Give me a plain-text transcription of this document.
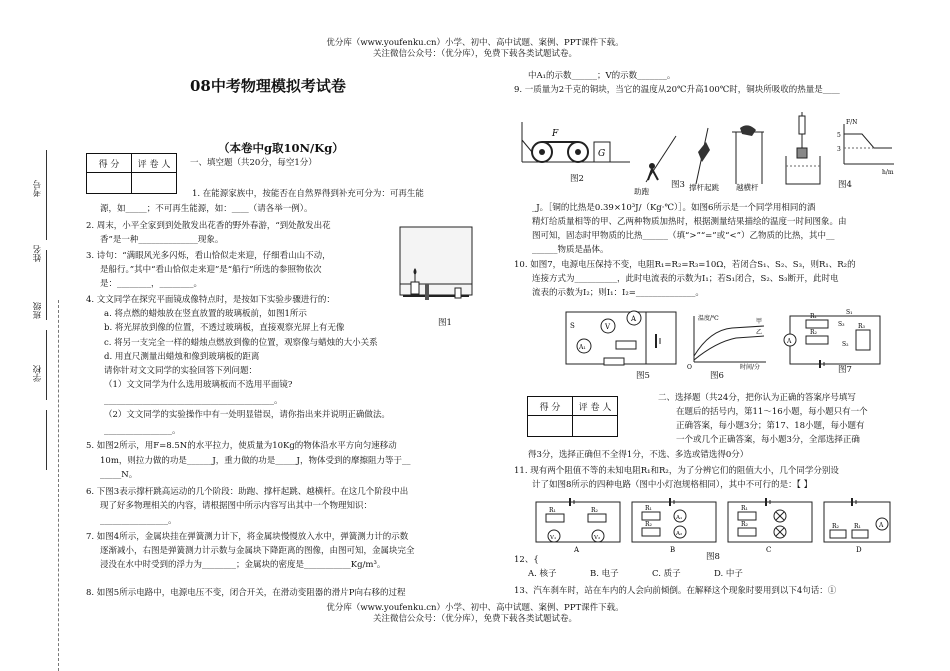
优分库（www.youfenku.cn）小学、初中、高中试题、案例、PPT课件下载。
关注微信公众号：（优分库），免费下载各类试题试卷。
考号
姓名
班级
学校
08中考物理模拟考试卷
（本卷中g取10N/Kg）
得 分	评 卷 人
	一、填空题（共20分，每空1分）
1. 在能源家族中，按能否在自然界得到补充可分为：可再生能
源，如_____；不可再生能源，如：____（请各举一例）。
2. 周末，小平全家到到处散发出花香的野外春游，“到处散发出花
香”是一种______________现象。
3. 诗句：“满眼风光多闪烁，看山恰似走来迎，仔细看山山不动，
是船行。”其中“看山恰似走来迎”是“船行”所选的参照物依次
是：________，________。
4. 文文同学在探究平面镜成像特点时，是按如下实验步骤进行的：
a. 将点燃的蜡烛放在竖直放置的玻璃板前，如图1所示
b. 将光屏放到像的位置，不透过玻璃板，直接观察光屏上有无像
c. 将另一支完全一样的蜡烛点燃放到像的位置，观察像与蜡烛的大小关系
d. 用直尺测量出蜡烛和像到玻璃板的距离
请你针对文文同学的实验回答下列问题：
（1）文文同学为什么选用玻璃板而不选用平面镜?
________________________________________。
（2）文文同学的实验操作中有一处明显错误，请你指出来并说明正确做法。
________________。
5. 如图2所示，用F=8.5N的水平拉力，使质量为10Kg的物体沿水平方向匀速移动
10m，则拉力做的功是______J，重力做的功是_____J，物体受到的摩擦阻力等于__
_____N。
6. 下图3表示撑杆跳高运动的几个阶段：助跑、撑杆起跳、越横杆。在这几个阶段中出
现了好多物理相关的内容，请根据图中所示内容写出其中一个物理知识：
________________。
7. 如图4所示，金属块挂在弹簧测力计下，将金属块慢慢放入水中，弹簧测力计的示数
逐渐减小，右图是弹簧测力计示数与金属块下降距离的图像，由图可知，金属块完全
浸没在水中时受到的浮力为________；金属块的密度是___________Kg/m³。
8. 如图5所示电路中，电源电压不变，闭合开关，在滑动变阻器的滑片P向右移的过程
图1
中A₁的示数______；V的示数_______。
9. 一质量为2千克的铜块，当它的温度从20℃升高100℃时，铜块所吸收的热量是____
G
F
图2
图3
助跑	撑杆起跳 越横杆
F/N
h/m
5
3
图4
_J。［铜的比热是0.39×10³J/（Kg·℃）］。如图6所示是一个同学用相同的酒
精灯给质量相等的甲、乙两种物质加热时，根据测量结果描绘的温度一时间图象。由
图可知，固态时甲物质的比热______（填“>”“=”或“<”）乙物质的比热，其中__
______物质是晶体。
10. 如图7，电源电压保持不变，电阻R₁=R₂=R₃=10Ω，若闭合S₁、S₂、S₃，则R₁、R₂的
连接方式为__________，此时电流表的示数为I₁；若S₁闭合，S₂、S₃断开，此时电
流表的示数为I₂；则I₁：I₂=______________。
V
A
A₁
S
图5
温度/℃
时间/分
甲
乙
O
图6
R₁
R₂
R₃
A
S₃
S₂
S₁
图7
得 分	评 卷 人

二、选择题（共24分，把你认为正确的答案序号填写
在题后的括号内，第11～16小题，每小题只有一个
正确答案，每小题3分；第17、18小题，每小题有
一个或几个正确答案，每小题3分，全部选择正确
得3分，选择正确但不全得1分，不选、多选或错选得0分）
11. 现有两个阻值不等的未知电阻R₁和R₂，为了分辨它们的阻值大小，几个同学分别设
计了如图8所示的四种电路（图中小灯泡规格相同），其中不可行的是：【 】
R₁	R₂
V₁	V₂
R₁
A₁
R₂
A₂
R₁
R₂	R₂	R₁	A
A	B	C	D
图8
12、{
A. 核子	B. 电子	C. 质子	D. 中子
13、汽车刹车时，站在车内的人会向前倾倒。在解释这个现象时要用到以下4句话：①
优分库（www.youfenku.cn）小学、初中、高中试题、案例、PPT课件下载。
关注微信公众号：（优分库），免费下载各类试题试卷。
